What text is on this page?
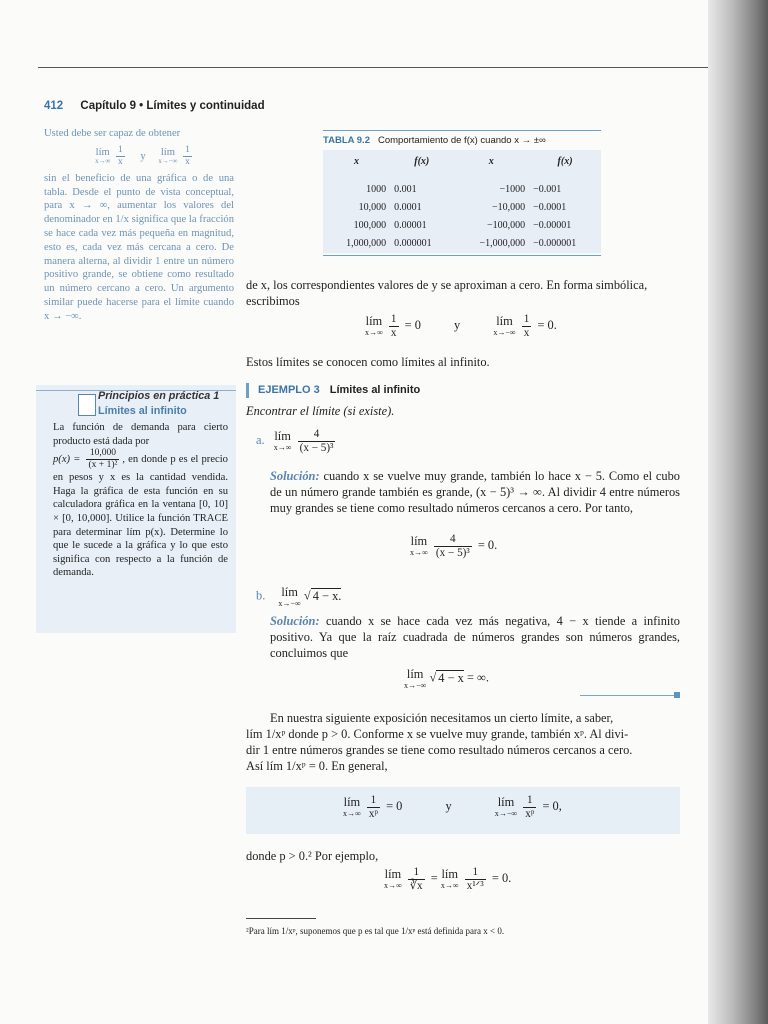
412 Capítulo 9 • Límites y continuidad

Usted debe ser capaz de obtener

lím
x→∞
$\frac{1}{x}$ y lím
x→−∞
$\frac{1}{x}$

sin el beneficio de una gráfica o de una tabla. Desde el punto de vista conceptual, para x → ∞, aumentar los valores del denominador en 1/x significa que la fracción se hace cada vez más pequeña en magnitud, esto es, cada vez más cercana a cero. De manera alterna, al dividir 1 entre un número positivo grande, se obtiene como resultado un número cercano a cero. Un argumento similar puede hacerse para el límite cuando x → −∞.

TABLA 9.2 Comportamiento de f(x) cuando x → ±∞
x	f(x)	x	f(x)
1000	0.001	−1000	−0.001
10,000	0.0001	−10,000	−0.0001
100,000	0.00001	−100,000	−0.00001
1,000,000	0.000001	−1,000,000	−0.000001
de x, los correspondientes valores de y se aproximan a cero. En forma simbólica, escribimos
lím
x→∞
$\frac{1}{x} = 0$	y	lím
x→−∞
$\frac{1}{x} = 0$.
Estos límites se conocen como límites al infinito.
Principios en práctica 1
Límites al infinito
La función de demanda para cierto producto está dada por
$p(x) = \frac{10,000}{\text{(x + 1)²}}$ , en donde p es el precio en pesos y x es la cantidad vendida. Haga la gráfica de esta función en su calculadora gráfica en la ventana [0, 10] × [0, 10,000]. Utilice la función TRACE para determinar lím p(x). Determine lo que le sucede a la gráfica y lo que esto significa con respecto a la función de demanda.
EJEMPLO 3 Límites al infinito
Encontrar el límite (si existe).
a. lím
x→∞
$\frac{4}{\text{(x − 5)³}}$
Solución: cuando x se vuelve muy grande, también lo hace x − 5. Como el cubo de un número grande también es grande, (x − 5)³ → ∞. Al dividir 4 entre números muy grandes se tiene como resultado números cercanos a cero. Por tanto,
lím
x→∞
$\frac{4}{\text{(x − 5)³}} = 0$.
b. lím
x→−∞
√ 4 − x.
Solución: cuando x se hace cada vez más negativa, 4 − x tiende a infinito positivo. Ya que la raíz cuadrada de números grandes son números grandes, concluimos que
lím
x→−∞
√ 4 − x = ∞.
En nuestra siguiente exposición necesitamos un cierto límite, a saber,
lím 1/xᵖ donde p > 0. Conforme x se vuelve muy grande, también xᵖ. Al divi-
dir 1 entre números grandes se tiene como resultado números cercanos a cero.
Así lím 1/xᵖ = 0. En general,
lím
x→∞
$\frac{1}{\text{xᵖ}} = 0$	y	lím
x→−∞
$\frac{1}{\text{xᵖ}} = 0$,
donde p > 0.² Por ejemplo,
lím
x→∞
$\frac{1}{∛x}$ = lím
x→∞
$\frac{1}{\text{x¹ᐟ³}} = 0$.
²Para lím 1/xᵖ, suponemos que p es tal que 1/xᵖ está definida para x < 0.
